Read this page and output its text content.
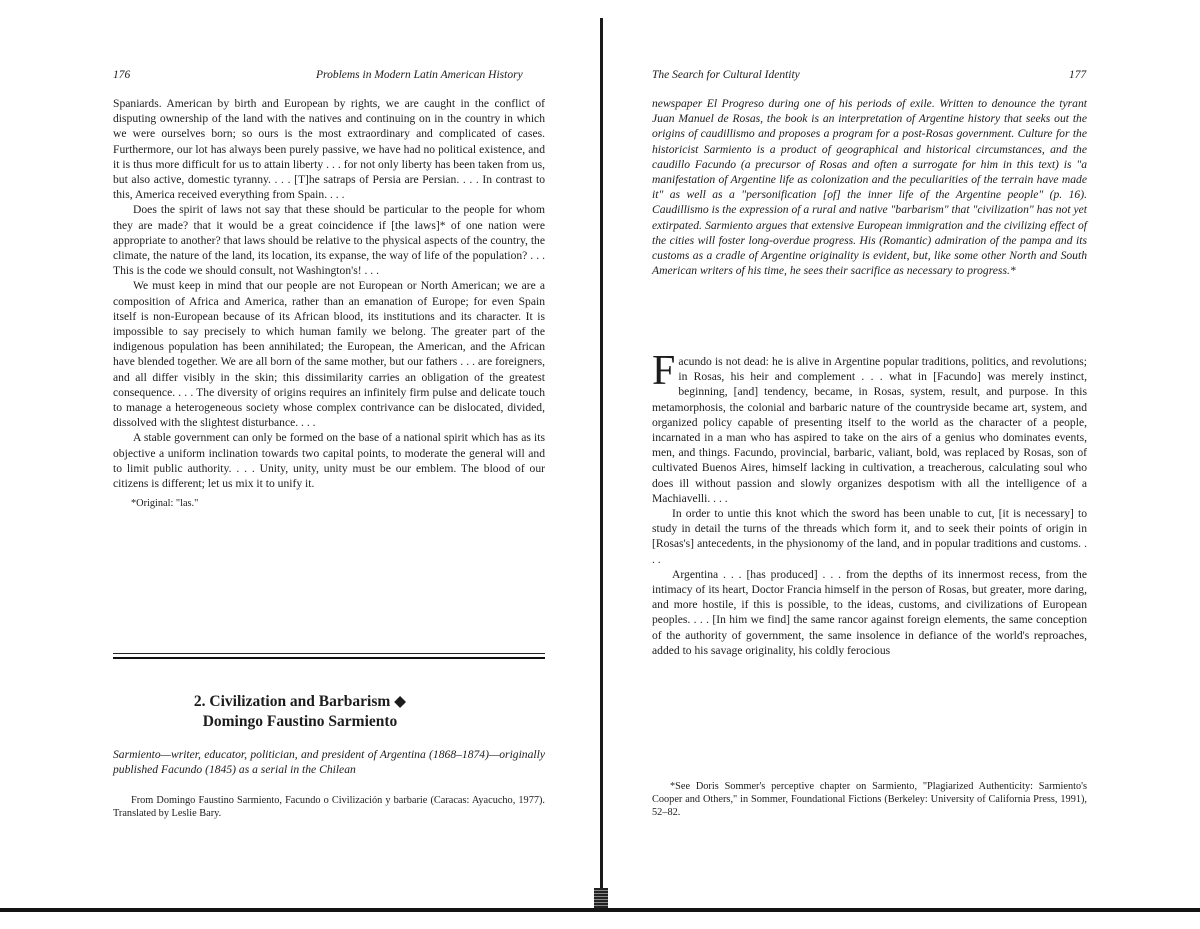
176	Problems in Modern Latin American History

Spaniards. American by birth and European by rights, we are caught in the conflict of disputing ownership of the land with the natives and continuing on in the country in which we were ourselves born; so ours is the most extraordinary and complicated of cases. Furthermore, our lot has always been purely passive, we have had no political existence, and it is thus more difficult for us to attain liberty . . . for not only liberty has been taken from us, but also active, domestic tyranny. . . . [T]he satraps of Persia are Persian. . . . In contrast to this, America received everything from Spain. . . .

Does the spirit of laws not say that these should be particular to the people for whom they are made? that it would be a great coincidence if [the laws]* of one nation were appropriate to another? that laws should be relative to the physical aspects of the country, the climate, the nature of the land, its location, its expanse, the way of life of the population? . . . This is the code we should consult, not Washington's! . . .

We must keep in mind that our people are not European or North American; we are a composition of Africa and America, rather than an emanation of Europe; for even Spain itself is non-European because of its African blood, its institutions and its character. It is impossible to say precisely to which human family we belong. The greater part of the indigenous population has been annihilated; the European, the American, and the African have blended together. We are all born of the same mother, but our fathers . . . are foreigners, and all differ visibly in the skin; this dissimilarity carries an obligation of the greatest consequence. . . . The diversity of origins requires an infinitely firm pulse and delicate touch to manage a heterogeneous society whose complex contrivance can be dislocated, divided, dissolved with the slightest disturbance. . . .

A stable government can only be formed on the base of a national spirit which has as its objective a uniform inclination towards two capital points, to moderate the general will and to limit public authority. . . . Unity, unity, unity must be our emblem. The blood of our citizens is different; let us mix it to unify it.

*Original: "las."

2. Civilization and Barbarism ◆
Domingo Faustino Sarmiento

Sarmiento—writer, educator, politician, and president of Argentina (1868–1874)—originally published Facundo (1845) as a serial in the Chilean

From Domingo Faustino Sarmiento, Facundo o Civilización y barbarie (Caracas: Ayacucho, 1977). Translated by Leslie Bary.

The Search for Cultural Identity	177

newspaper El Progreso during one of his periods of exile. Written to denounce the tyrant Juan Manuel de Rosas, the book is an interpretation of Argentine history that seeks out the origins of caudillismo and proposes a program for a post-Rosas government. Culture for the historicist Sarmiento is a product of geographical and historical circumstances, and the caudillo Facundo (a precursor of Rosas and often a surrogate for him in this text) is "a manifestation of Argentine life as colonization and the peculiarities of the terrain have made it" as well as a "personification [of] the inner life of the Argentine people" (p. 16). Caudillismo is the expression of a rural and native "barbarism" that "civilization" has not yet extirpated. Sarmiento argues that extensive European immigration and the civilizing effect of the cities will foster long-overdue progress. His (Romantic) admiration of the pampa and its customs as a cradle of Argentine originality is evident, but, like some other North and South American writers of his time, he sees their sacrifice as necessary to progress.*

F acundo is not dead: he is alive in Argentine popular traditions, politics, and revolutions; in Rosas, his heir and complement . . . what in [Facundo] was merely instinct, beginning, [and] tendency, became, in Rosas, system, result, and purpose. In this metamorphosis, the colonial and barbaric nature of the countryside became art, system, and organized policy capable of presenting itself to the world as the character of a people, incarnated in a man who has aspired to take on the airs of a genius who dominates events, men, and things. Facundo, provincial, barbaric, valiant, bold, was replaced by Rosas, son of cultivated Buenos Aires, himself lacking in cultivation, a treacherous, calculating soul who does ill without passion and slowly organizes despotism with all the intelligence of a Machiavelli. . . .

In order to untie this knot which the sword has been unable to cut, [it is necessary] to study in detail the turns of the threads which form it, and to seek their points of origin in [Rosas's] antecedents, in the physionomy of the land, and in popular traditions and customs. . . .

Argentina . . . [has produced] . . . from the depths of its innermost recess, from the intimacy of its heart, Doctor Francia himself in the person of Rosas, but greater, more daring, and more hostile, if this is possible, to the ideas, customs, and civilizations of European peoples. . . . [In him we find] the same rancor against foreign elements, the same conception of the authority of government, the same insolence in defiance of the world's reproaches, added to his savage originality, his coldly ferocious

*See Doris Sommer's perceptive chapter on Sarmiento, "Plagiarized Authenticity: Sarmiento's Cooper and Others," in Sommer, Foundational Fictions (Berkeley: University of California Press, 1991), 52–82.
